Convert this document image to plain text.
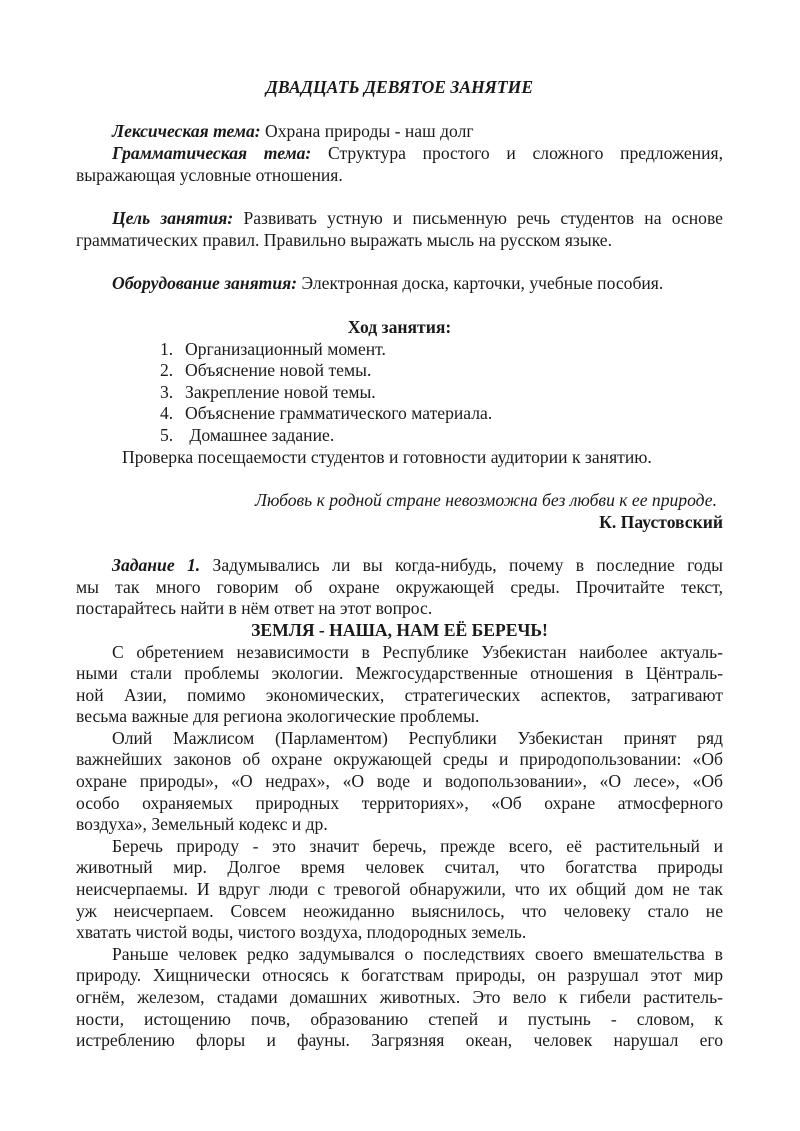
ДВАДЦАТЬ ДЕВЯТОЕ ЗАНЯТИЕ
Лексическая тема: Охрана природы - наш долг
Грамматическая тема: Структура простого и сложного предложения,
выражающая условные отношения.
Цель занятия: Развивать устную и письменную речь студентов на основе
грамматических правил. Правильно выражать мысль на русском языке.
Оборудование занятия: Электронная доска, карточки, учебные пособия.
Ход занятия:
1. Организационный момент.
2. Объяснение новой темы.
3. Закрепление новой темы.
4. Объяснение грамматического материала.
5. Домашнее задание.
Проверка посещаемости студентов и готовности аудитории к занятию.
Любовь к родной стране невозможна без любви к ее природе.
К. Паустовский
Задание 1. Задумывались ли вы когда-нибудь, почему в последние годы
мы так много говорим об охране окружающей среды. Прочитайте текст,
постарайтесь найти в нём ответ на этот вопрос.
ЗЕМЛЯ - НАША, НАМ ЕЁ БЕРЕЧЬ!
С обретением независимости в Республике Узбекистан наиболее актуаль-
ными стали проблемы экологии. Межгосударственные отношения в Цëнтраль-
ной Азии, помимо экономических, стратегических аспектов, затрагивают
весьма важные для региона экологические проблемы.
Олий Мажлисом (Парламентом) Республики Узбекистан принят ряд
важнейших законов об охране окружающей среды и природопользовании: «Об
охране природы», «О недрах», «О воде и водопользовании», «О лесе», «Об
особо охраняемых природных территориях», «Об охране атмосферного
воздуха», Земельный кодекс и др.
Беречь природу - это значит беречь, прежде всего, её растительный и
животный мир. Долгое время человек считал, что богатства природы
неисчерпаемы. И вдруг люди с тревогой обнаружили, что их общий дом не так
уж неисчерпаем. Совсем неожиданно выяснилось, что человеку стало не
хватать чистой воды, чистого воздуха, плодородных земель.
Раньше человек редко задумывался о последствиях своего вмешательства в
природу. Хищнически относясь к богатствам природы, он разрушал этот мир
огнём, железом, стадами домашних животных. Это вело к гибели раститель-
ности, истощению почв, образованию степей и пустынь - словом, к
истреблению флоры и фауны. Загрязняя океан, человек нарушал его
